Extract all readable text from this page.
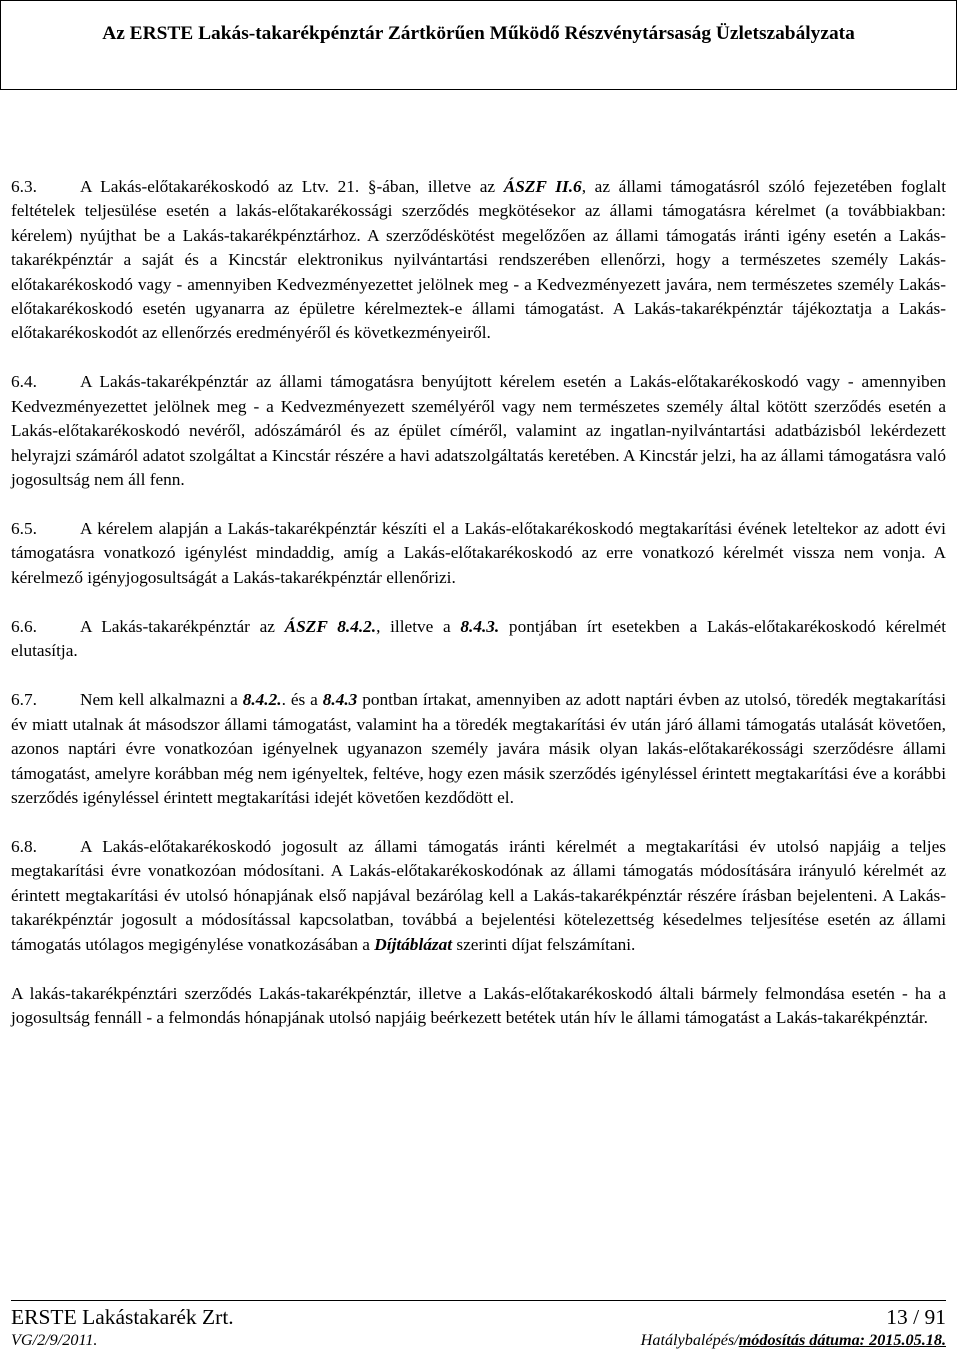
Az ERSTE Lakás-takarékpénztár Zártkörűen Működő Részvénytársaság Üzletszabályzata

6.3. A Lakás-előtakarékoskodó az Ltv. 21. §-ában, illetve az ÁSZF II.6, az állami támogatásról szóló fejezetében foglalt feltételek teljesülése esetén a lakás-előtakarékossági szerződés megkötésekor az állami támogatásra kérelmet (a továbbiakban: kérelem) nyújthat be a Lakás-takarékpénztárhoz. A szerződéskötést megelőzően az állami támogatás iránti igény esetén a Lakás-takarékpénztár a saját és a Kincstár elektronikus nyilvántartási rendszerében ellenőrzi, hogy a természetes személy Lakás-előtakarékoskodó vagy - amennyiben Kedvezményezettet jelölnek meg - a Kedvezményezett javára, nem természetes személy Lakás-előtakarékoskodó esetén ugyanarra az épületre kérelmeztek-e állami támogatást. A Lakás-takarékpénztár tájékoztatja a Lakás-előtakarékoskodót az ellenőrzés eredményéről és következményeiről.

6.4. A Lakás-takarékpénztár az állami támogatásra benyújtott kérelem esetén a Lakás-előtakarékoskodó vagy - amennyiben Kedvezményezettet jelölnek meg - a Kedvezményezett személyéről vagy nem természetes személy által kötött szerződés esetén a Lakás-előtakarékoskodó nevéről, adószámáról és az épület címéről, valamint az ingatlan-nyilvántartási adatbázisból lekérdezett helyrajzi számáról adatot szolgáltat a Kincstár részére a havi adatszolgáltatás keretében. A Kincstár jelzi, ha az állami támogatásra való jogosultság nem áll fenn.

6.5. A kérelem alapján a Lakás-takarékpénztár készíti el a Lakás-előtakarékoskodó megtakarítási évének leteltekor az adott évi támogatásra vonatkozó igénylést mindaddig, amíg a Lakás-előtakarékoskodó az erre vonatkozó kérelmét vissza nem vonja. A kérelmező igényjogosultságát a Lakás-takarékpénztár ellenőrizi.

6.6. A Lakás-takarékpénztár az ÁSZF 8.4.2., illetve a 8.4.3. pontjában írt esetekben a Lakás-előtakarékoskodó kérelmét elutasítja.

6.7. Nem kell alkalmazni a 8.4.2.. és a 8.4.3 pontban írtakat, amennyiben az adott naptári évben az utolsó, töredék megtakarítási év miatt utalnak át másodszor állami támogatást, valamint ha a töredék megtakarítási év után járó állami támogatás utalását követően, azonos naptári évre vonatkozóan igényelnek ugyanazon személy javára másik olyan lakás-előtakarékossági szerződésre állami támogatást, amelyre korábban még nem igényeltek, feltéve, hogy ezen másik szerződés igényléssel érintett megtakarítási éve a korábbi szerződés igényléssel érintett megtakarítási idejét követően kezdődött el.

6.8. A Lakás-előtakarékoskodó jogosult az állami támogatás iránti kérelmét a megtakarítási év utolsó napjáig a teljes megtakarítási évre vonatkozóan módosítani. A Lakás-előtakarékoskodónak az állami támogatás módosítására irányuló kérelmét az érintett megtakarítási év utolsó hónapjának első napjával bezárólag kell a Lakás-takarékpénztár részére írásban bejelenteni. A Lakás-takarékpénztár jogosult a módosítással kapcsolatban, továbbá a bejelentési kötelezettség késedelmes teljesítése esetén az állami támogatás utólagos megigénylése vonatkozásában a Díjtáblázat szerinti díjat felszámítani.

A lakás-takarékpénztári szerződés Lakás-takarékpénztár, illetve a Lakás-előtakarékoskodó általi bármely felmondása esetén - ha a jogosultság fennáll - a felmondás hónapjának utolsó napjáig beérkezett betétek után hív le állami támogatást a Lakás-takarékpénztár.

ERSTE Lakástakarék Zrt.	13 / 91
VG/2/9/2011.	Hatálybalépés/módosítás dátuma: 2015.05.18.
